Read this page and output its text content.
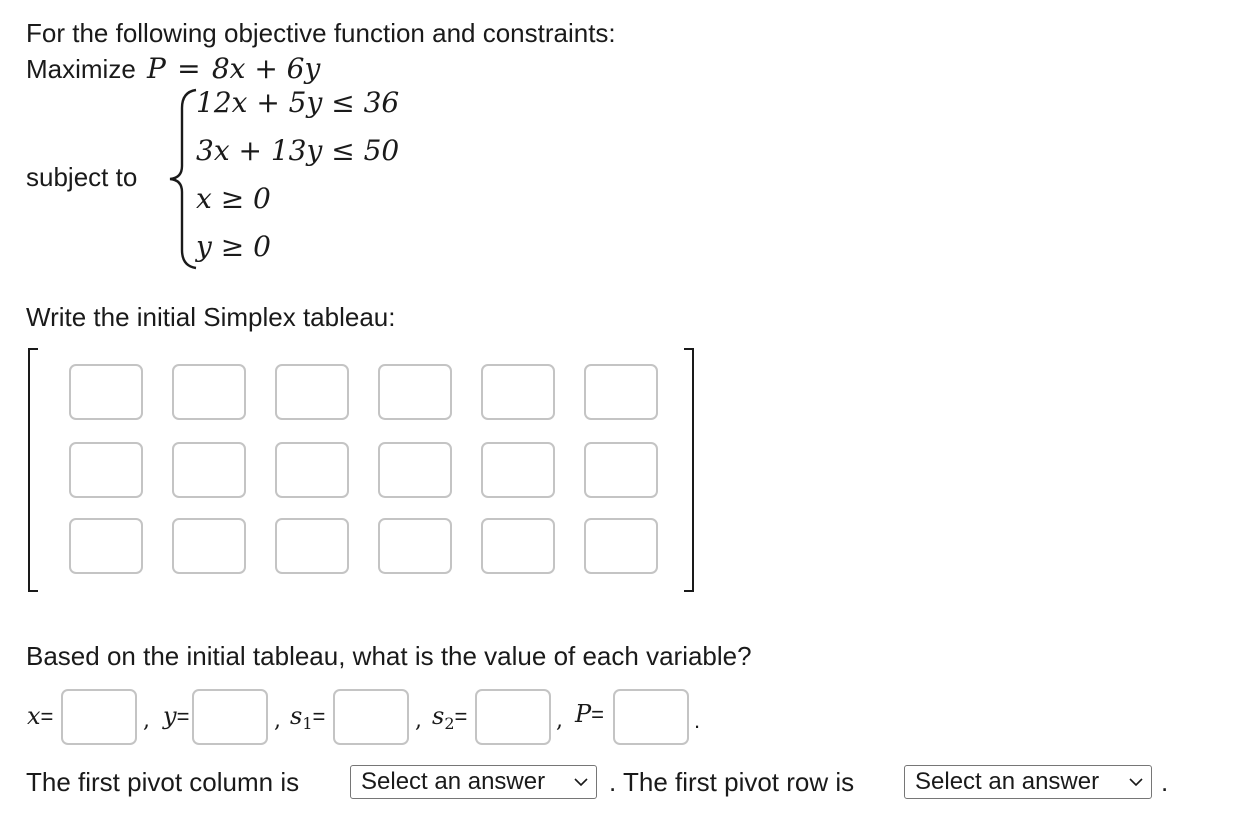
For the following objective function and constraints:
Maximize P = 8x + 6y
subject to
12x + 5y ≤ 36
3x + 13y ≤ 50
x ≥ 0
y ≥ 0
Write the initial Simplex tableau:
Based on the initial tableau, what is the value of each variable?
x=	, y=	, $s_1=$	, $s_2=$	, P=	.
The first pivot column is	Select an answer	. The first pivot row is	Select an answer	.
